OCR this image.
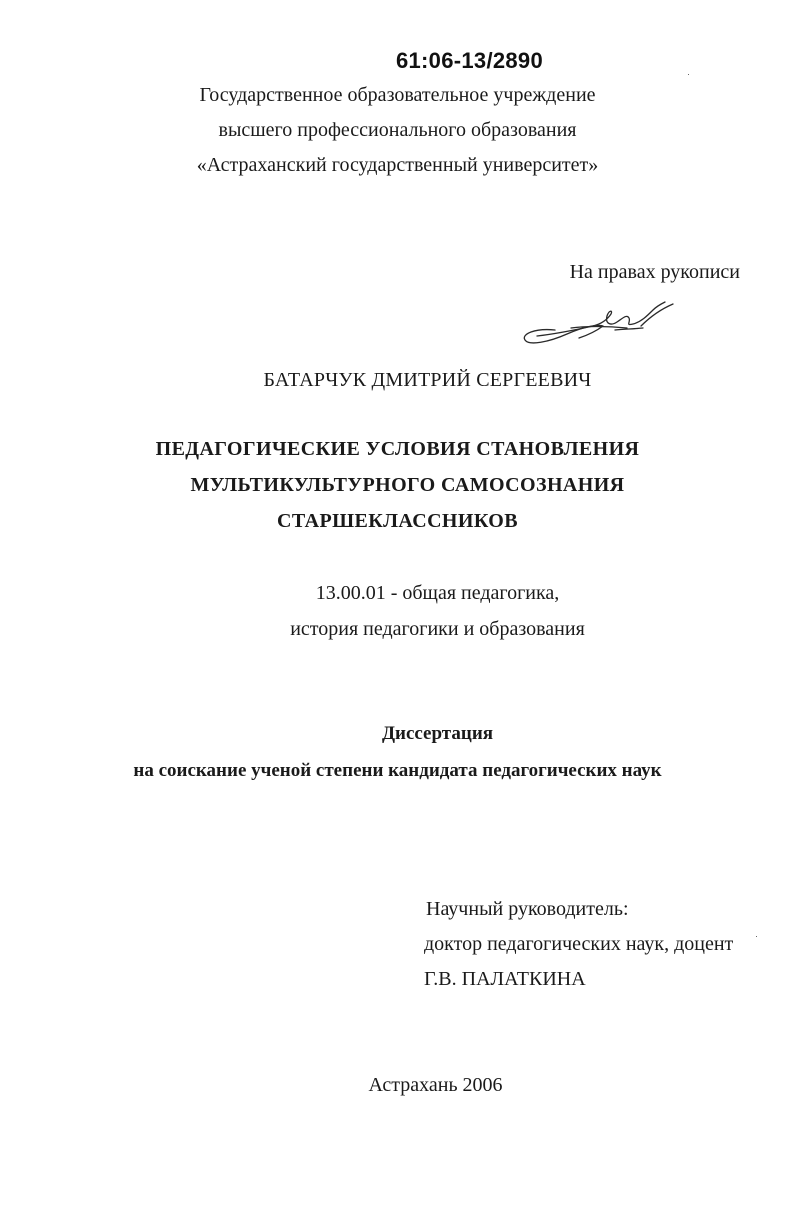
61:06-13/2890
Государственное образовательное учреждение
высшего профессионального образования
«Астраханский государственный университет»
На правах рукописи
БАТАРЧУК ДМИТРИЙ СЕРГЕЕВИЧ
ПЕДАГОГИЧЕСКИЕ УСЛОВИЯ СТАНОВЛЕНИЯ
МУЛЬТИКУЛЬТУРНОГО САМОСОЗНАНИЯ
СТАРШЕКЛАССНИКОВ
13.00.01 - общая педагогика,
история педагогики и образования
Диссертация
на соискание ученой степени кандидата педагогических наук
Научный руководитель:
доктор педагогических наук, доцент
Г.В. ПАЛАТКИНА
Астрахань 2006
